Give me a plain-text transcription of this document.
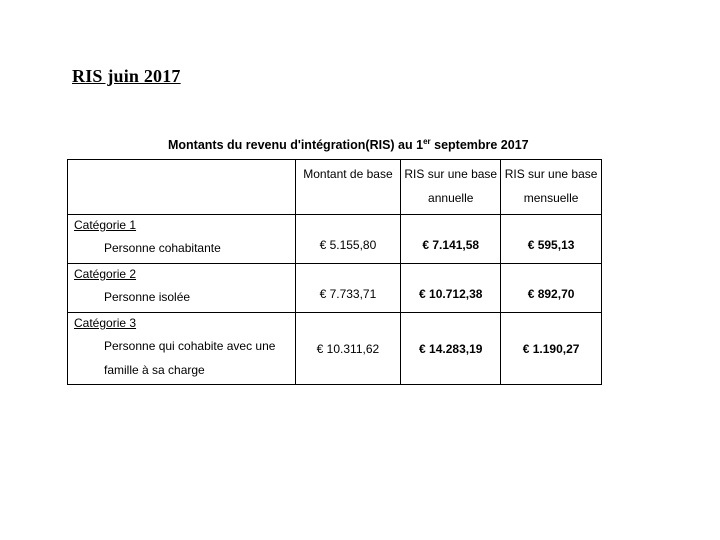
RIS juin 2017
Montants du revenu d'intégration(RIS) au 1er septembre 2017
	Montant de base	RIS sur une base annuelle	RIS sur une base mensuelle

Catégorie 1
Personne cohabitante	€ 5.155,80	€ 7.141,58	€ 595,13

Catégorie 2
Personne isolée	€ 7.733,71	€ 10.712,38	€ 892,70

Catégorie 3
Personne qui cohabite avec une famille à sa charge	€ 10.311,62	€ 14.283,19	€ 1.190,27
